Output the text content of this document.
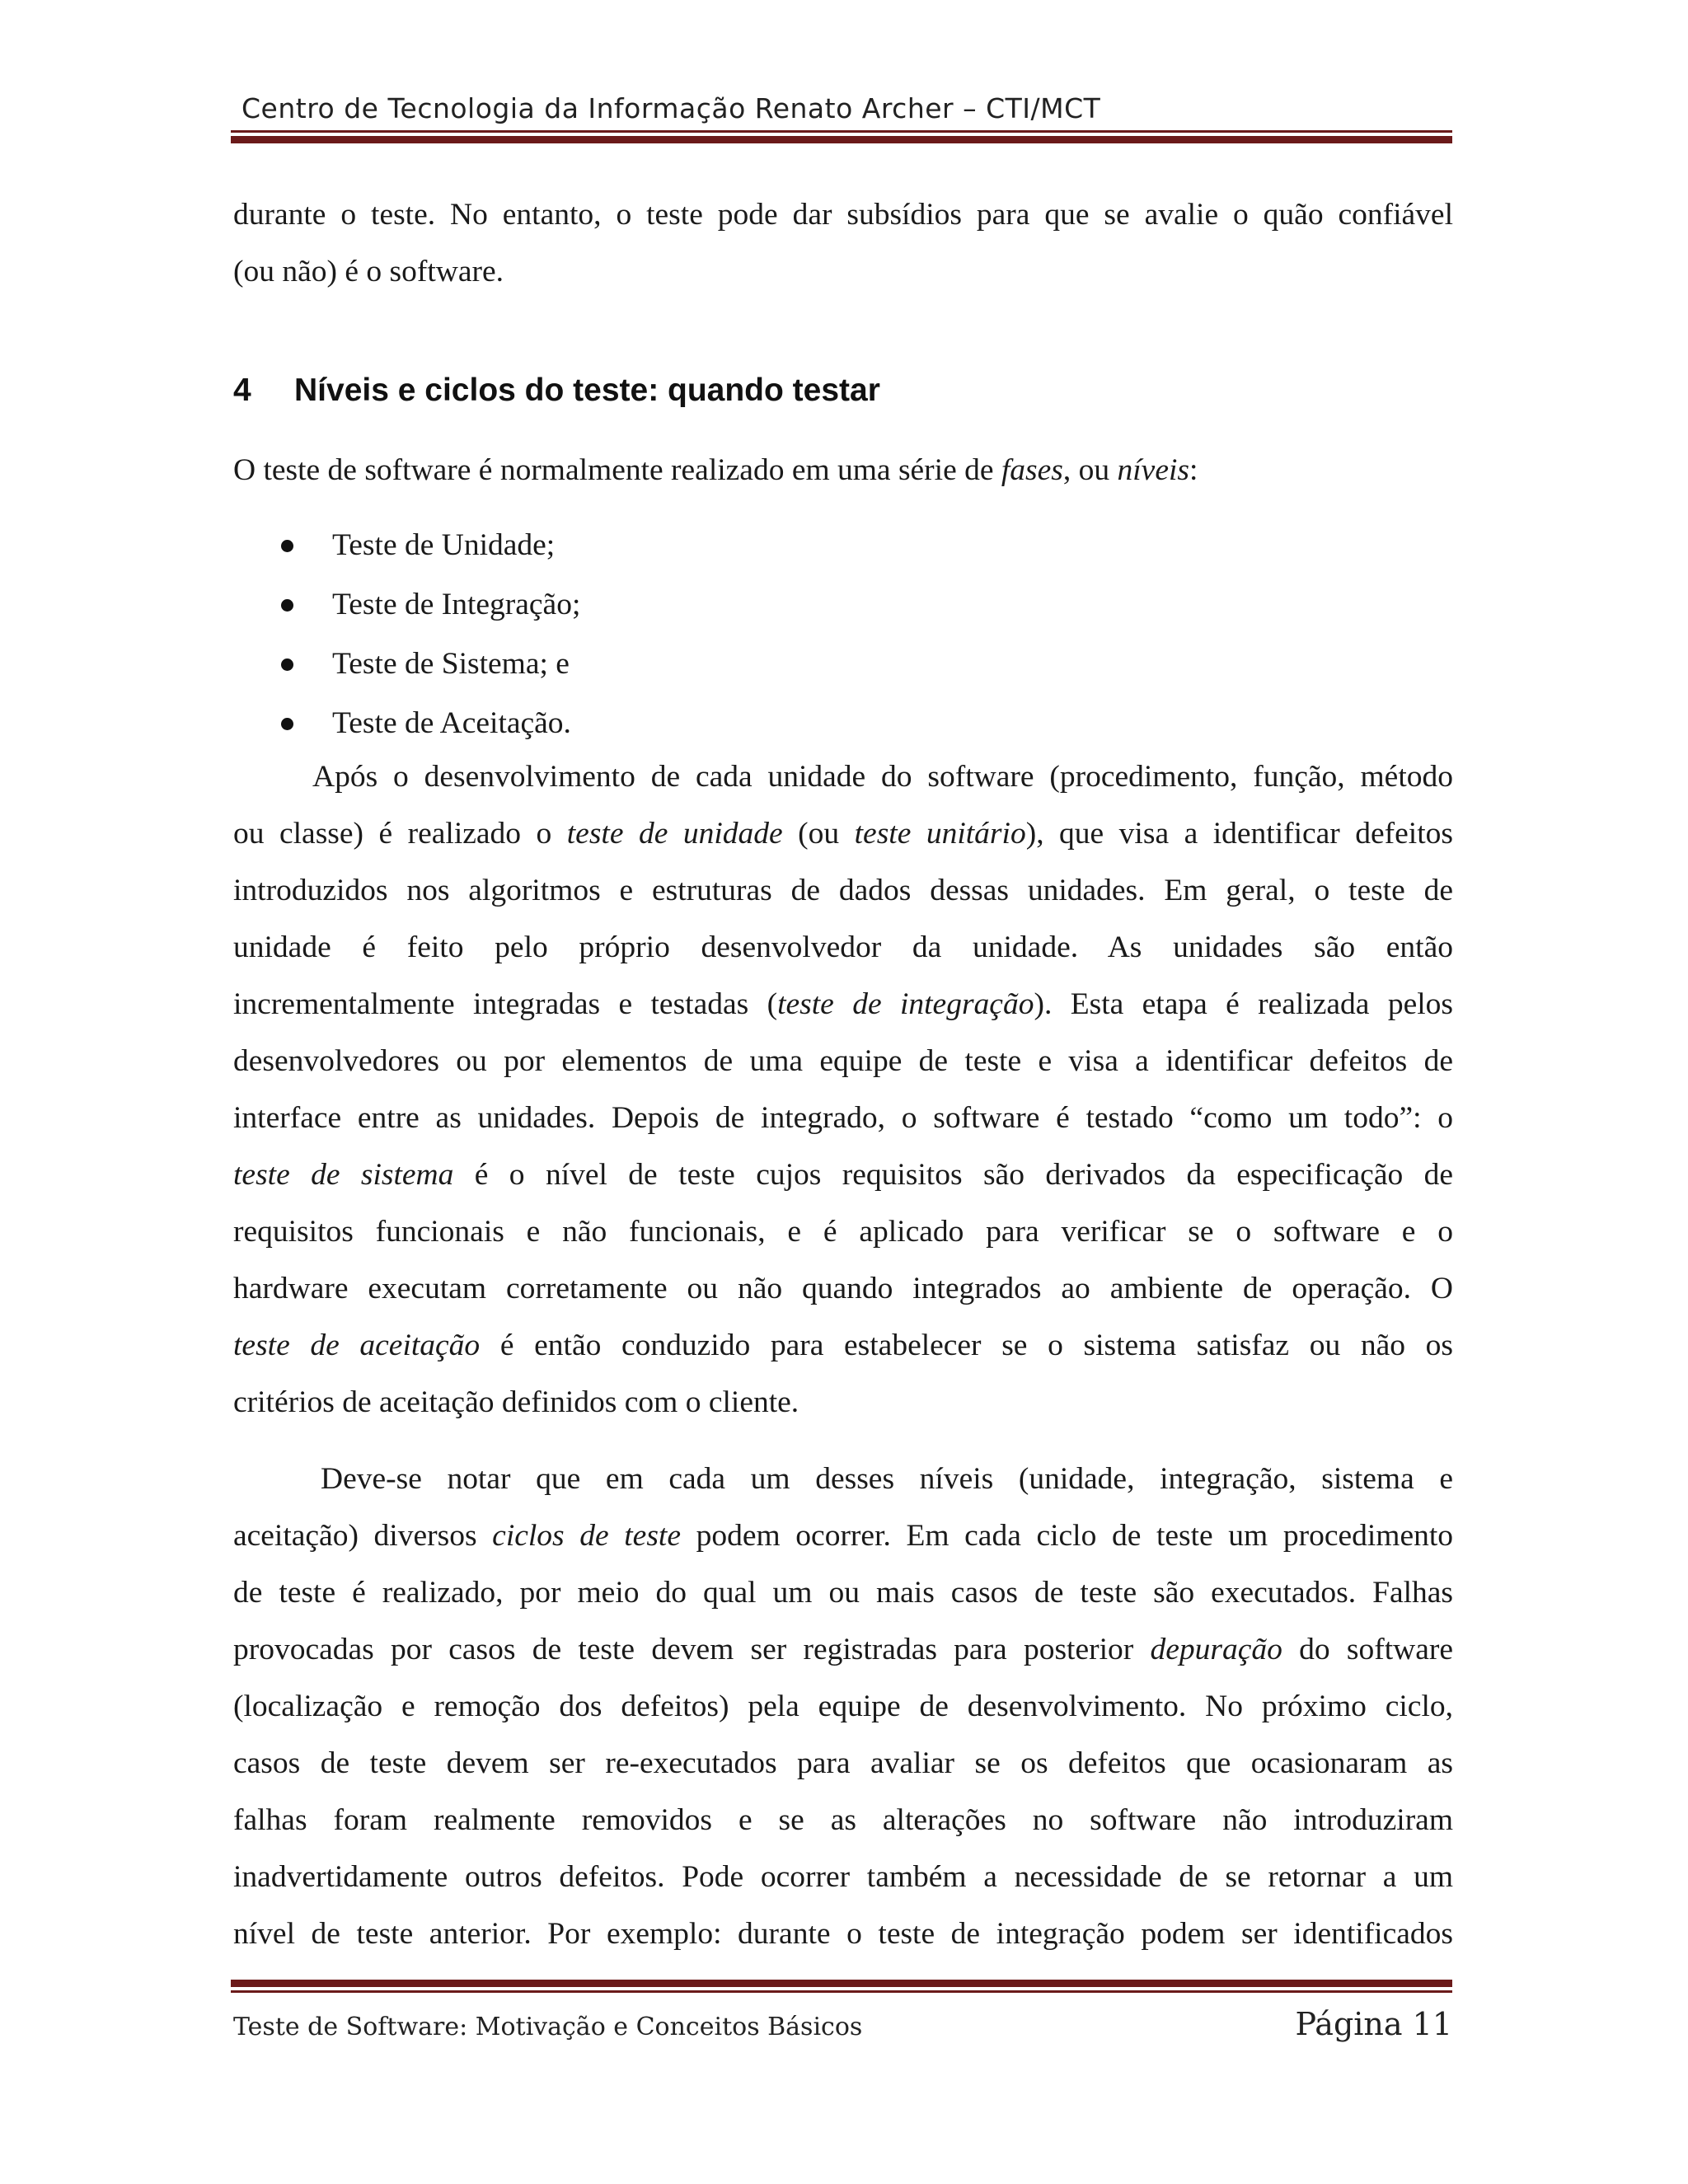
Centro de Tecnologia da Informação Renato Archer – CTI/MCT

durante o teste. No entanto, o teste pode dar subsídios para que se avalie o quão confiável
(ou não) é o software.

4 Níveis e ciclos do teste: quando testar
O teste de software é normalmente realizado em uma série de fases, ou níveis:
Teste de Unidade;
Teste de Integração;
Teste de Sistema; e
Teste de Aceitação.

Após o desenvolvimento de cada unidade do software (procedimento, função, método
ou classe) é realizado o teste de unidade (ou teste unitário), que visa a identificar defeitos
introduzidos nos algoritmos e estruturas de dados dessas unidades. Em geral, o teste de
unidade é feito pelo próprio desenvolvedor da unidade. As unidades são então
incrementalmente integradas e testadas (teste de integração). Esta etapa é realizada pelos
desenvolvedores ou por elementos de uma equipe de teste e visa a identificar defeitos de
interface entre as unidades. Depois de integrado, o software é testado “como um todo”: o
teste de sistema é o nível de teste cujos requisitos são derivados da especificação de
requisitos funcionais e não funcionais, e é aplicado para verificar se o software e o
hardware executam corretamente ou não quando integrados ao ambiente de operação. O
teste de aceitação é então conduzido para estabelecer se o sistema satisfaz ou não os
critérios de aceitação definidos com o cliente.

Deve-se notar que em cada um desses níveis (unidade, integração, sistema e
aceitação) diversos ciclos de teste podem ocorrer. Em cada ciclo de teste um procedimento
de teste é realizado, por meio do qual um ou mais casos de teste são executados. Falhas
provocadas por casos de teste devem ser registradas para posterior depuração do software
(localização e remoção dos defeitos) pela equipe de desenvolvimento. No próximo ciclo,
casos de teste devem ser re-executados para avaliar se os defeitos que ocasionaram as
falhas foram realmente removidos e se as alterações no software não introduziram
inadvertidamente outros defeitos. Pode ocorrer também a necessidade de se retornar a um
nível de teste anterior. Por exemplo: durante o teste de integração podem ser identificados

Teste de Software: Motivação e Conceitos Básicos	Página 11
